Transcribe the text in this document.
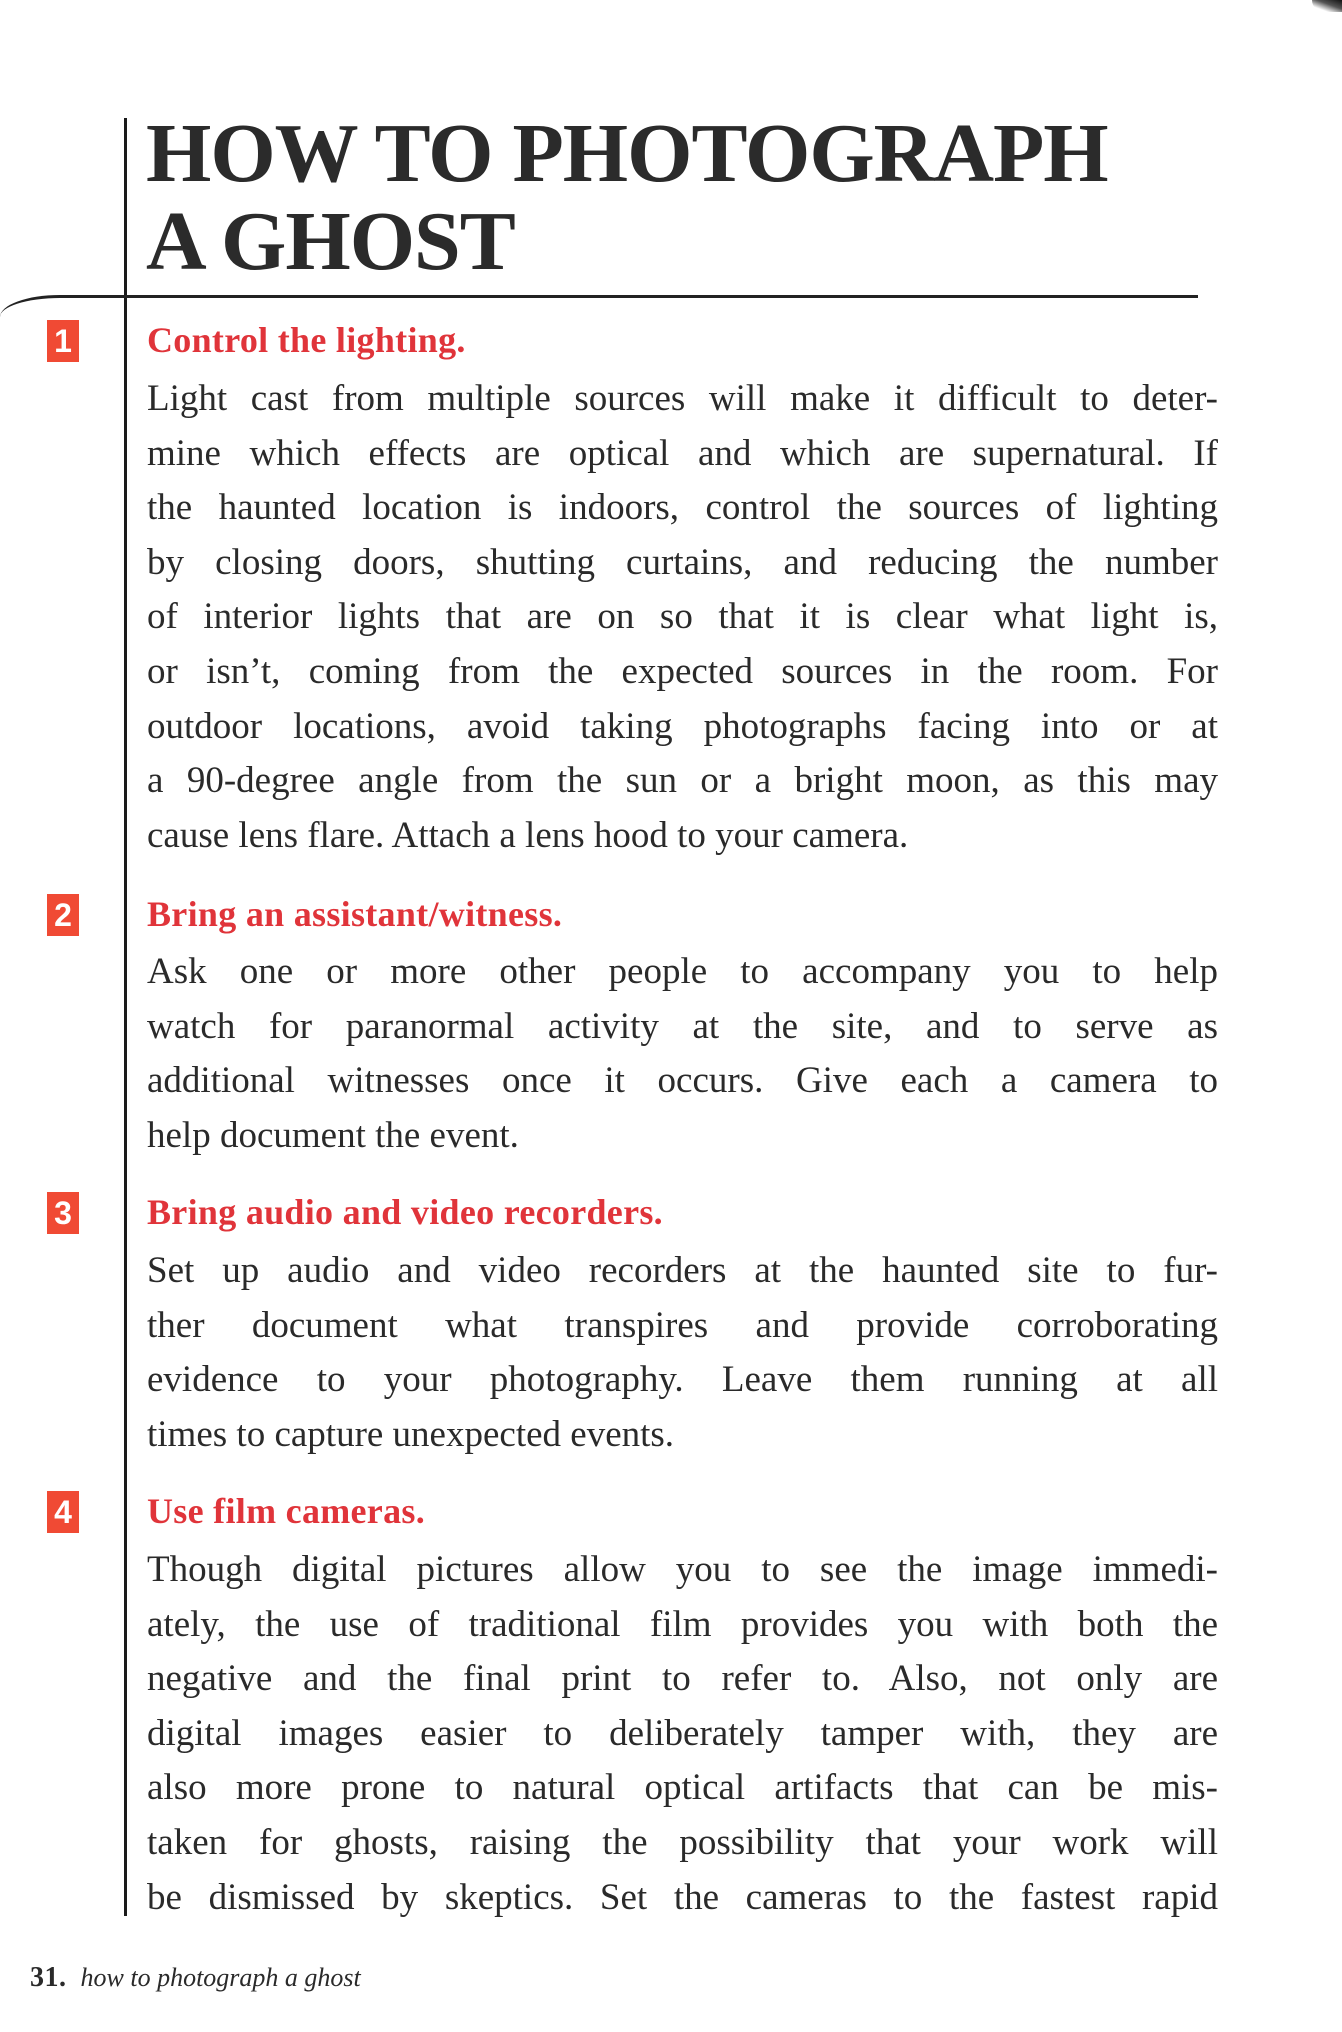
HOW TO PHOTOGRAPH
A GHOST
1 Control the lighting.

Light cast from multiple sources will make it difficult to deter-
mine which effects are optical and which are supernatural. If
the haunted location is indoors, control the sources of lighting
by closing doors, shutting curtains, and reducing the number
of interior lights that are on so that it is clear what light is,
or isn’t, coming from the expected sources in the room. For
outdoor locations, avoid taking photographs facing into or at
a 90-degree angle from the sun or a bright moon, as this may
cause lens flare. Attach a lens hood to your camera.

2 Bring an assistant/witness.

Ask one or more other people to accompany you to help
watch for paranormal activity at the site, and to serve as
additional witnesses once it occurs. Give each a camera to
help document the event.

3 Bring audio and video recorders.

Set up audio and video recorders at the haunted site to fur-
ther document what transpires and provide corroborating
evidence to your photography. Leave them running at all
times to capture unexpected events.

4 Use film cameras.

Though digital pictures allow you to see the image immedi-
ately, the use of traditional film provides you with both the
negative and the final print to refer to. Also, not only are
digital images easier to deliberately tamper with, they are
also more prone to natural optical artifacts that can be mis-
taken for ghosts, raising the possibility that your work will
be dismissed by skeptics. Set the cameras to the fastest rapid

31. how to photograph a ghost
